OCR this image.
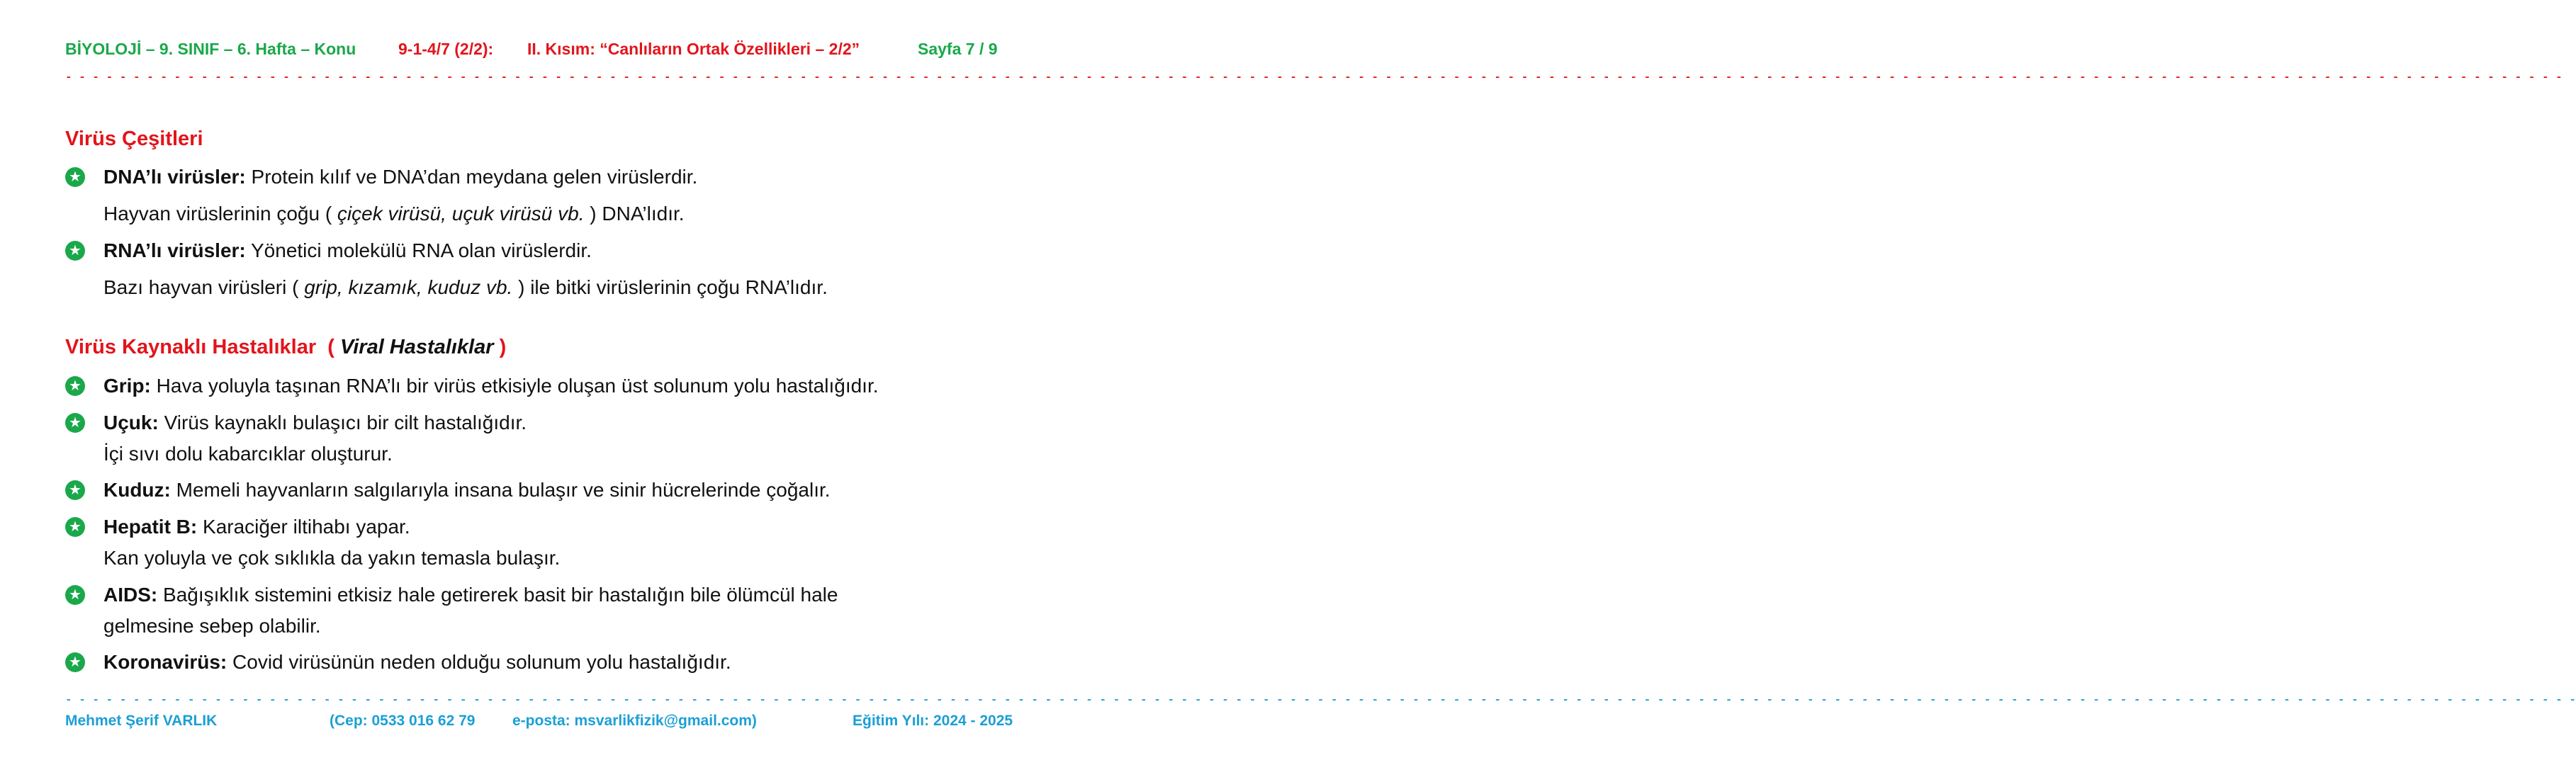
BİYOLOJİ – 9. SINIF – 6. Hafta – Konu	9-1-4/7 (2/2): II. Kısım: “Canlıların Ortak Özellikleri – 2/2”	Sayfa 7 / 9
- - - - - - - - - - - - - - - - - - - - - - - - - - - - - - - - - - - - - - - - - - - - - - - - - - - - - - - - - - - - - - - - - - - - - - - - - - - - - - - - - - - - - - - - - - - - - - - - - - - - - - - - - - - - - - - - - - - - - - - - - - - - - - - - - - - - - - - - - - - - - - - - - - - - - - - - - - - - - - - - - - - - - - - - - - - - - - - - - - - - - - - -
Virüs Çeşitleri
★	DNA’lı virüsler: Protein kılıf ve DNA’dan meydana gelen virüslerdir.
Hayvan virüslerinin çoğu ( çiçek virüsü, uçuk virüsü vb. ) DNA’lıdır.
★	RNA’lı virüsler: Yönetici molekülü RNA olan virüslerdir.
Bazı hayvan virüsleri ( grip, kızamık, kuduz vb. ) ile bitki virüslerinin çoğu RNA’lıdır.
Virüs Kaynaklı Hastalıklar ( Viral Hastalıklar )
★	Grip: Hava yoluyla taşınan RNA’lı bir virüs etkisiyle oluşan üst solunum yolu hastalığıdır.
★	Uçuk: Virüs kaynaklı bulaşıcı bir cilt hastalığıdır.
İçi sıvı dolu kabarcıklar oluşturur.
★	Kuduz: Memeli hayvanların salgılarıyla insana bulaşır ve sinir hücrelerinde çoğalır.
★	Hepatit B: Karaciğer iltihabı yapar.
Kan yoluyla ve çok sıklıkla da yakın temasla bulaşır.
★	AIDS: Bağışıklık sistemini etkisiz hale getirerek basit bir hastalığın bile ölümcül hale
gelmesine sebep olabilir.
★	Koronavirüs: Covid virüsünün neden olduğu solunum yolu hastalığıdır.
- - - - - - - - - - - - - - - - - - - - - - - - - - - - - - - - - - - - - - - - - - - - - - - - - - - - - - - - - - - - - - - - - - - - - - - - - - - - - - - - - - - - - - - - - - - - - - - - - - - - - - - - - - - - - - - - - - - - - - - - - - - - - - - - - - - - - - - - - - - - - - - - - - - - - - - - - - - - - - - - - - - - - - - - - - - - - - - - - - - - - - - - -
Mehmet Şerif VARLIK	(Cep: 0533 016 62 79	e-posta: msvarlikfizik@gmail.com)	Eğitim Yılı: 2024 - 2025
